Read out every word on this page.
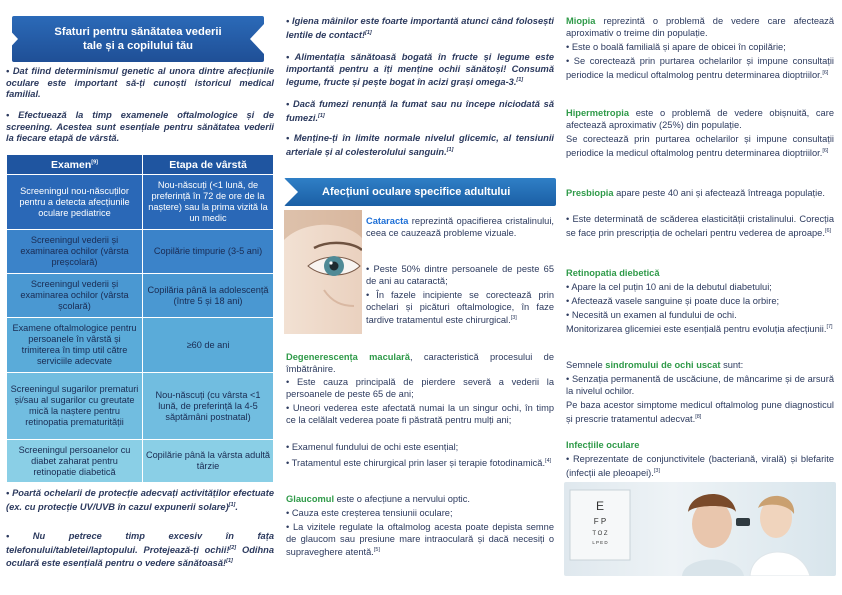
Sfaturi pentru sănătatea vederii
tale și a copilului tău

• Dat fiind determinismul genetic al unora dintre afecțiunile oculare este important să-ți cunoști istoricul medical familial.

• Efectuează la timp examenele oftalmologice și de screening. Acestea sunt esențiale pentru sănătatea vederii la fiecare etapă de vârstă.

Examen[9]	Etapa de vârstă
Screeningul nou-născuților pentru a detecta afecțiunile oculare pediatrice	Nou-născuți (<1 lună, de preferință în 72 de ore de la naștere) sau la prima vizită la un medic
Screeningul vederii și examinarea ochilor (vârsta preșcolară)	Copilărie timpurie (3-5 ani)
Screeningul vederii și examinarea ochilor (vârsta școlară)	Copilăria până la adolescență (între 5 și 18 ani)
Examene oftalmologice pentru persoanele în vârstă și trimiterea în timp util către serviciile adecvate	≥60 de ani
Screeningul sugarilor prematuri și/sau al sugarilor cu greutate mică la naștere pentru retinopatia prematurității	Nou-născuți (cu vârsta <1 lună, de preferință la 4-5 săptămâni postnatal)
Screeningul persoanelor cu diabet zaharat pentru retinopatie diabetică	Copilărie până la vârsta adultă târzie

• Poartă ochelarii de protecție adecvați activităților efectuate (ex. cu protecție UV/UVB în cazul expunerii solare)[1].

• Nu petrece timp excesiv în fața telefonului/tabletei/laptopului. Protejează-ți ochii![2] Odihna oculară este esențială pentru o vedere sănătoasă![1]

• Igiena mâinilor este foarte importantă atunci când folosești lentile de contact![1]

• Alimentația sănătoasă bogată în fructe și legume este importantă pentru a îți menține ochii sănătoși! Consumă legume, fructe și pește bogat în acizi grași omega-3.[1]

• Dacă fumezi renunță la fumat sau nu începe niciodată să fumezi.[1]

• Menține-ți în limite normale nivelul glicemic, al tensiunii arteriale și al colesterolului sanguin.[1]

Afecțiuni oculare specifice adultului

Cataracta reprezintă opacifierea cristalinului, ceea ce cauzează probleme vizuale.

• Peste 50% dintre persoanele de peste 65 de ani au cataractă;

• În fazele incipiente se corectează prin ochelari și picături oftalmologice, în faze tardive tratamentul este chirurgical.[3]

Degenerescența maculară, caracteristică procesului de îmbătrânire.

• Este cauza principală de pierdere severă a vederii la persoanele de peste 65 de ani;

• Uneori vederea este afectată numai la un singur ochi, în timp ce la celălalt vederea poate fi păstrată pentru mulți ani;

• Examenul fundului de ochi este esențial;

• Tratamentul este chirurgical prin laser și terapie fotodinamică.[4]

Glaucomul este o afecțiune a nervului optic.

• Cauza este creșterea tensiunii oculare;

• La vizitele regulate la oftalmolog acesta poate depista semne de glaucom sau presiune mare intraoculară și dacă necesiți o supraveghere atentă.[5]

Miopia reprezintă o problemă de vedere care afectează aproximativ o treime din populație.

• Este o boală familială și apare de obicei în copilărie;

• Se corectează prin purtarea ochelarilor și impune consultații periodice la medicul oftalmolog pentru determinarea dioptriilor.[6]

Hipermetropia este o problemă de vedere obișnuită, care afectează aproximativ (25%) din populație.

Se corectează prin purtarea ochelarilor și impune consultații periodice la medicul oftalmolog pentru determinarea dioptriilor.[6]

Presbiopia apare peste 40 ani și afectează întreaga populație.

• Este determinată de scăderea elasticității cristalinului. Corecția se face prin prescripția de ochelari pentru vederea de aproape.[6]

Retinopatia diebetică

• Apare la cel puțin 10 ani de la debutul diabetului;

• Afectează vasele sanguine și poate duce la orbire;

• Necesită un examen al fundului de ochi.

Monitorizarea glicemiei este esențială pentru evoluția afecțiunii.[7]

Semnele sindromului de ochi uscat sunt:

• Senzația permanentă de uscăciune, de mâncarime și de arsură la nivelul ochilor.

Pe baza acestor simptome medicul oftalmolog pune diagnosticul și prescrie tratamentul adecvat.[8]

Infecțiile oculare

• Reprezentate de conjunctivitele (bacteriană, virală) și blefarite (infecții ale pleoapei).[3]

E
F P
T O Z
L P E D
